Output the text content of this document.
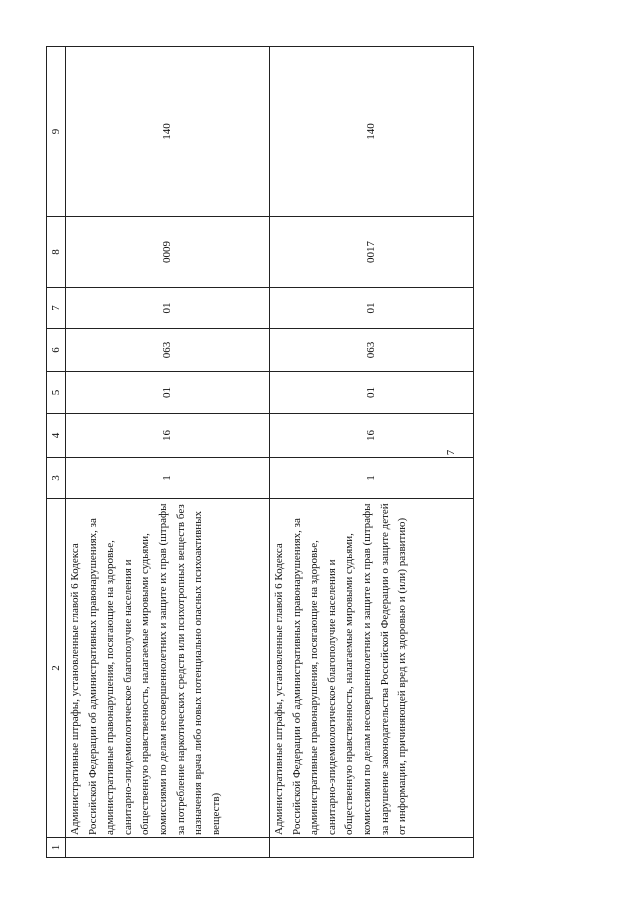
7
1	2	3	4	5	6	7	8	9
	Административные штрафы, установленные главой 6 Кодекса Российской Федерации об административных правонарушениях, за административные правонарушения, посягающие на здоровье, санитарно-эпидемиологическое благополучие населения и общественную нравственность, налагаемые мировыми судьями, комиссиями по делам несовершеннолетних и защите их прав (штрафы за потребление наркотических средств или психотропных веществ без назначения врача либо новых потенциально опасных психоактивных веществ)	1	16	01	063	01	0009	140
	Административные штрафы, установленные главой 6 Кодекса Российской Федерации об административных правонарушениях, за административные правонарушения, посягающие на здоровье, санитарно-эпидемиологическое благополучие населения и общественную нравственность, налагаемые мировыми судьями, комиссиями по делам несовершеннолетних и защите их прав (штрафы за нарушение законодательства Российской Федерации о защите детей от информации, причиняющей вред их здоровью и (или) развитию)	1	16	01	063	01	0017	140
